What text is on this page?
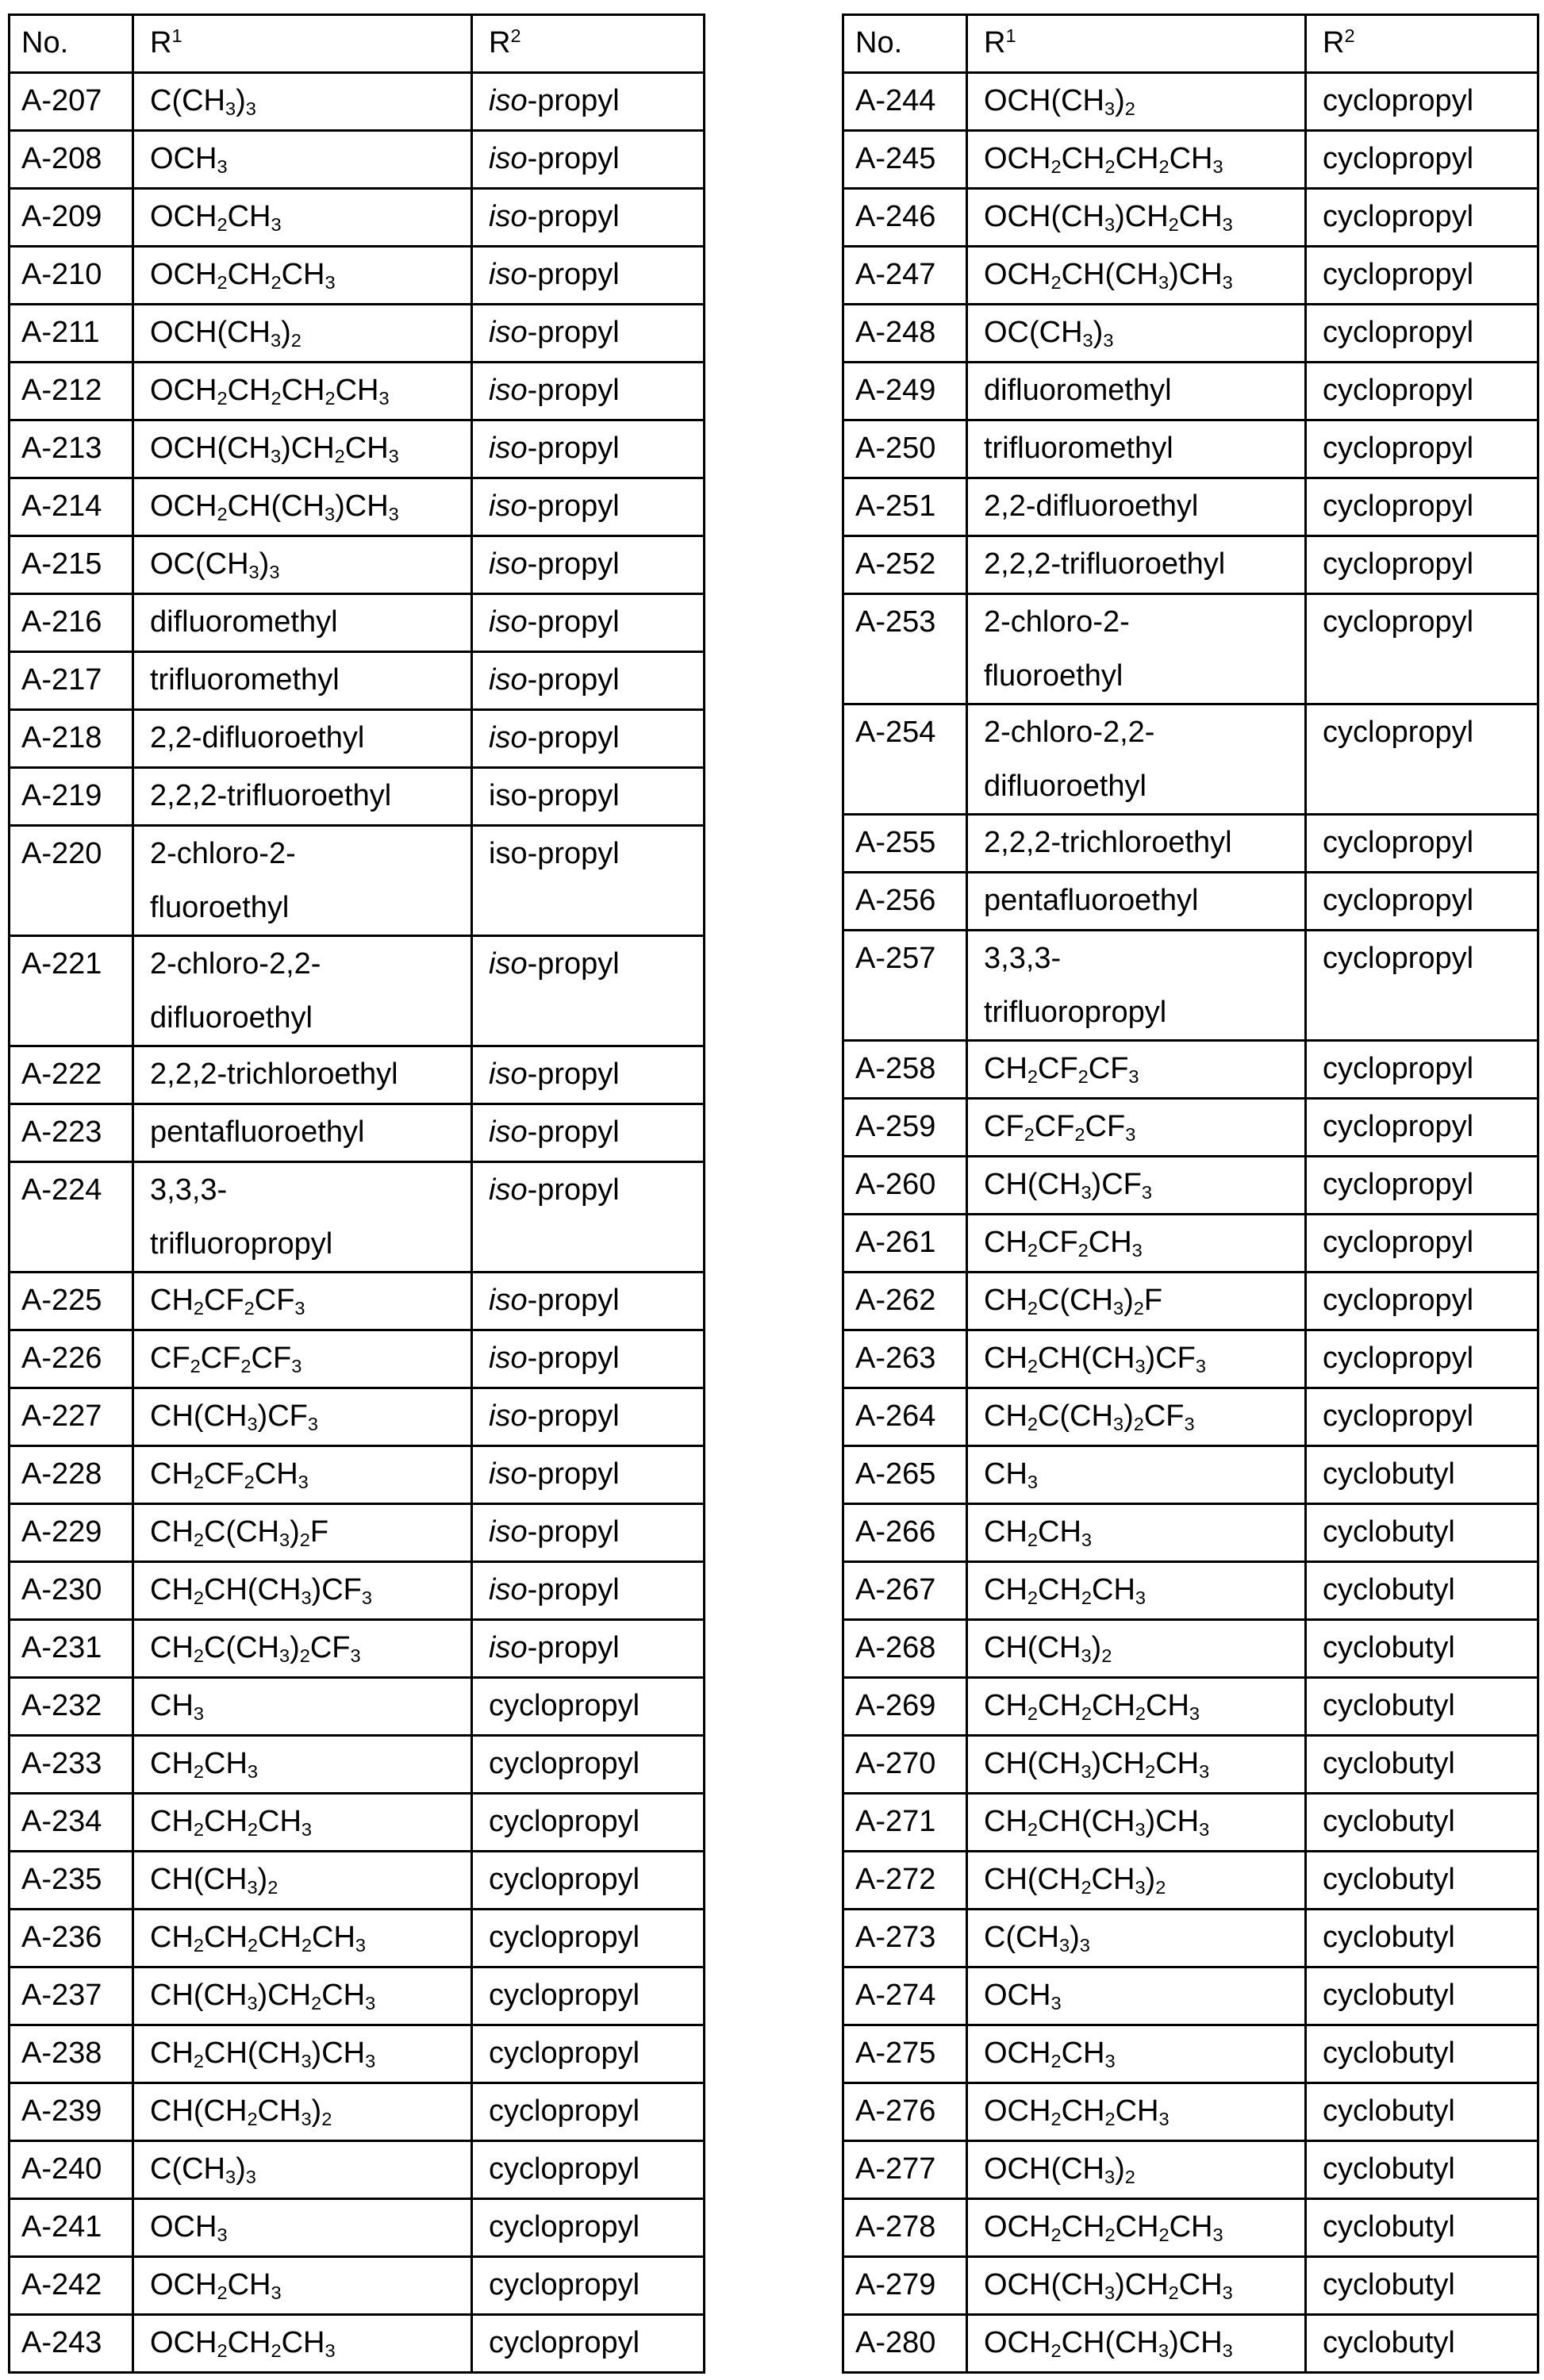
No.	$R^1$	$R^2$
A-207	$C(CH_3)_3$	iso-propyl
A-208	$OCH_3$	iso-propyl
A-209	$OCH_2CH_3$	iso-propyl
A-210	$OCH_2CH_2CH_3$	iso-propyl
A-211	$OCH(CH_3)_2$	iso-propyl
A-212	$OCH_2CH_2CH_2CH_3$	iso-propyl
A-213	$OCH(CH_3)CH_2CH_3$	iso-propyl
A-214	$OCH_2CH(CH_3)CH_3$	iso-propyl
A-215	$OC(CH_3)_3$	iso-propyl
A-216	difluoromethyl	iso-propyl
A-217	trifluoromethyl	iso-propyl
A-218	2,2-difluoroethyl	iso-propyl
A-219	2,2,2-trifluoroethyl	iso-propyl
A-220	2-chloro-2-
fluoroethyl	iso-propyl
A-221	2-chloro-2,2-
difluoroethyl	iso-propyl
A-222	2,2,2-trichloroethyl	iso-propyl
A-223	pentafluoroethyl	iso-propyl
A-224	3,3,3-
trifluoropropyl	iso-propyl
A-225	$CH_2CF_2CF_3$	iso-propyl
A-226	$CF_2CF_2CF_3$	iso-propyl
A-227	$CH(CH_3)CF_3$	iso-propyl
A-228	$CH_2CF_2CH_3$	iso-propyl
A-229	$CH_2C(CH_3)_2F$	iso-propyl
A-230	$CH_2CH(CH_3)CF_3$	iso-propyl
A-231	$CH_2C(CH_3)_2CF_3$	iso-propyl
A-232	$CH_3$	cyclopropyl
A-233	$CH_2CH_3$	cyclopropyl
A-234	$CH_2CH_2CH_3$	cyclopropyl
A-235	$CH(CH_3)_2$	cyclopropyl
A-236	$CH_2CH_2CH_2CH_3$	cyclopropyl
A-237	$CH(CH_3)CH_2CH_3$	cyclopropyl
A-238	$CH_2CH(CH_3)CH_3$	cyclopropyl
A-239	$CH(CH_2CH_3)_2$	cyclopropyl
A-240	$C(CH_3)_3$	cyclopropyl
A-241	$OCH_3$	cyclopropyl
A-242	$OCH_2CH_3$	cyclopropyl
A-243	$OCH_2CH_2CH_3$	cyclopropyl
No.	$R^1$	$R^2$
A-244	$OCH(CH_3)_2$	cyclopropyl
A-245	$OCH_2CH_2CH_2CH_3$	cyclopropyl
A-246	$OCH(CH_3)CH_2CH_3$	cyclopropyl
A-247	$OCH_2CH(CH_3)CH_3$	cyclopropyl
A-248	$OC(CH_3)_3$	cyclopropyl
A-249	difluoromethyl	cyclopropyl
A-250	trifluoromethyl	cyclopropyl
A-251	2,2-difluoroethyl	cyclopropyl
A-252	2,2,2-trifluoroethyl	cyclopropyl
A-253	2-chloro-2-
fluoroethyl	cyclopropyl
A-254	2-chloro-2,2-
difluoroethyl	cyclopropyl
A-255	2,2,2-trichloroethyl	cyclopropyl
A-256	pentafluoroethyl	cyclopropyl
A-257	3,3,3-
trifluoropropyl	cyclopropyl
A-258	$CH_2CF_2CF_3$	cyclopropyl
A-259	$CF_2CF_2CF_3$	cyclopropyl
A-260	$CH(CH_3)CF_3$	cyclopropyl
A-261	$CH_2CF_2CH_3$	cyclopropyl
A-262	$CH_2C(CH_3)_2F$	cyclopropyl
A-263	$CH_2CH(CH_3)CF_3$	cyclopropyl
A-264	$CH_2C(CH_3)_2CF_3$	cyclopropyl
A-265	$CH_3$	cyclobutyl
A-266	$CH_2CH_3$	cyclobutyl
A-267	$CH_2CH_2CH_3$	cyclobutyl
A-268	$CH(CH_3)_2$	cyclobutyl
A-269	$CH_2CH_2CH_2CH_3$	cyclobutyl
A-270	$CH(CH_3)CH_2CH_3$	cyclobutyl
A-271	$CH_2CH(CH_3)CH_3$	cyclobutyl
A-272	$CH(CH_2CH_3)_2$	cyclobutyl
A-273	$C(CH_3)_3$	cyclobutyl
A-274	$OCH_3$	cyclobutyl
A-275	$OCH_2CH_3$	cyclobutyl
A-276	$OCH_2CH_2CH_3$	cyclobutyl
A-277	$OCH(CH_3)_2$	cyclobutyl
A-278	$OCH_2CH_2CH_2CH_3$	cyclobutyl
A-279	$OCH(CH_3)CH_2CH_3$	cyclobutyl
A-280	$OCH_2CH(CH_3)CH_3$	cyclobutyl
